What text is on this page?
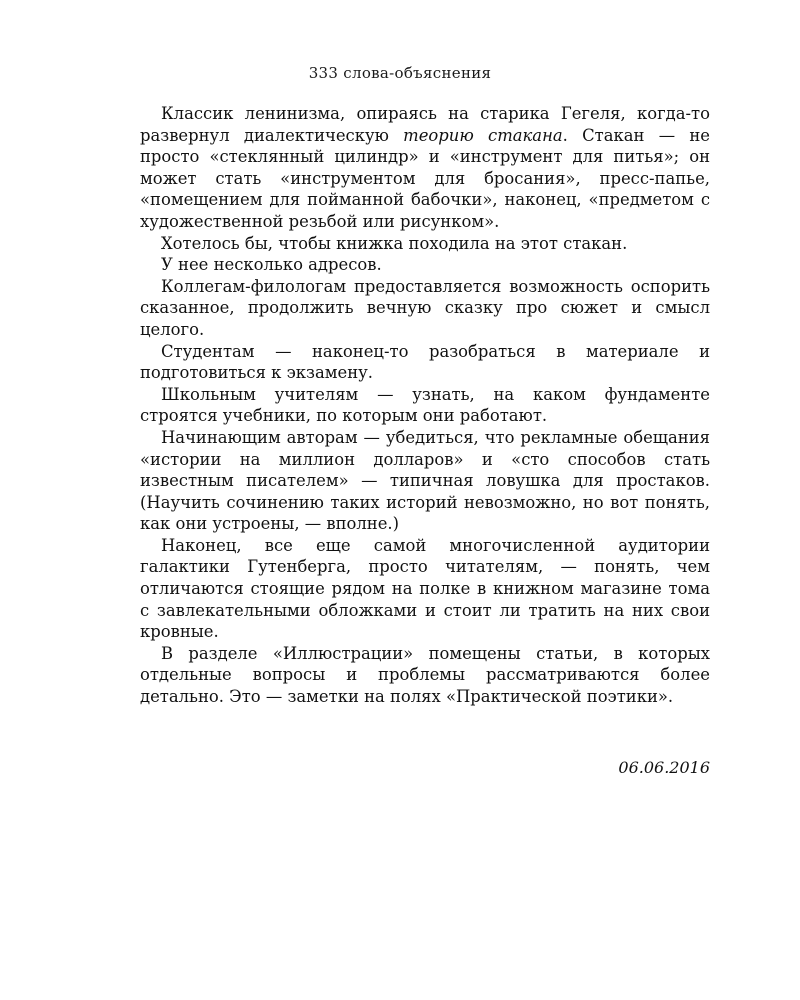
333 слова-объяснения

Классик ленинизма, опираясь на старика Гегеля, когда-то развернул диалектическую теорию стакана. Стакан — не просто «стеклянный цилиндр» и «инструмент для питья»; он может стать «инструментом для бросания», пресс-папье, «помещением для пойманной бабочки», наконец, «предметом с художественной резьбой или рисунком».

Хотелось бы, чтобы книжка походила на этот стакан.

У нее несколько адресов.

Коллегам-филологам предоставляется возможность оспорить сказанное, продолжить вечную сказку про сюжет и смысл целого.

Студентам — наконец-то разобраться в материале и подготовиться к экзамену.

Школьным учителям — узнать, на каком фундаменте строятся учебники, по которым они работают.

Начинающим авторам — убедиться, что рекламные обещания «истории на миллион долларов» и «сто способов стать известным писателем» — типичная ловушка для простаков. (Научить сочинению таких историй невозможно, но вот понять, как они устроены, — вполне.)

Наконец, все еще самой многочисленной аудитории галактики Гутенберга, просто читателям, — понять, чем отличаются стоящие рядом на полке в книжном магазине тома с завлекательными обложками и стоит ли тратить на них свои кровные.

В разделе «Иллюстрации» помещены статьи, в которых отдельные вопросы и проблемы рассматриваются более детально. Это — заметки на полях «Практической поэтики».

06.06.2016
